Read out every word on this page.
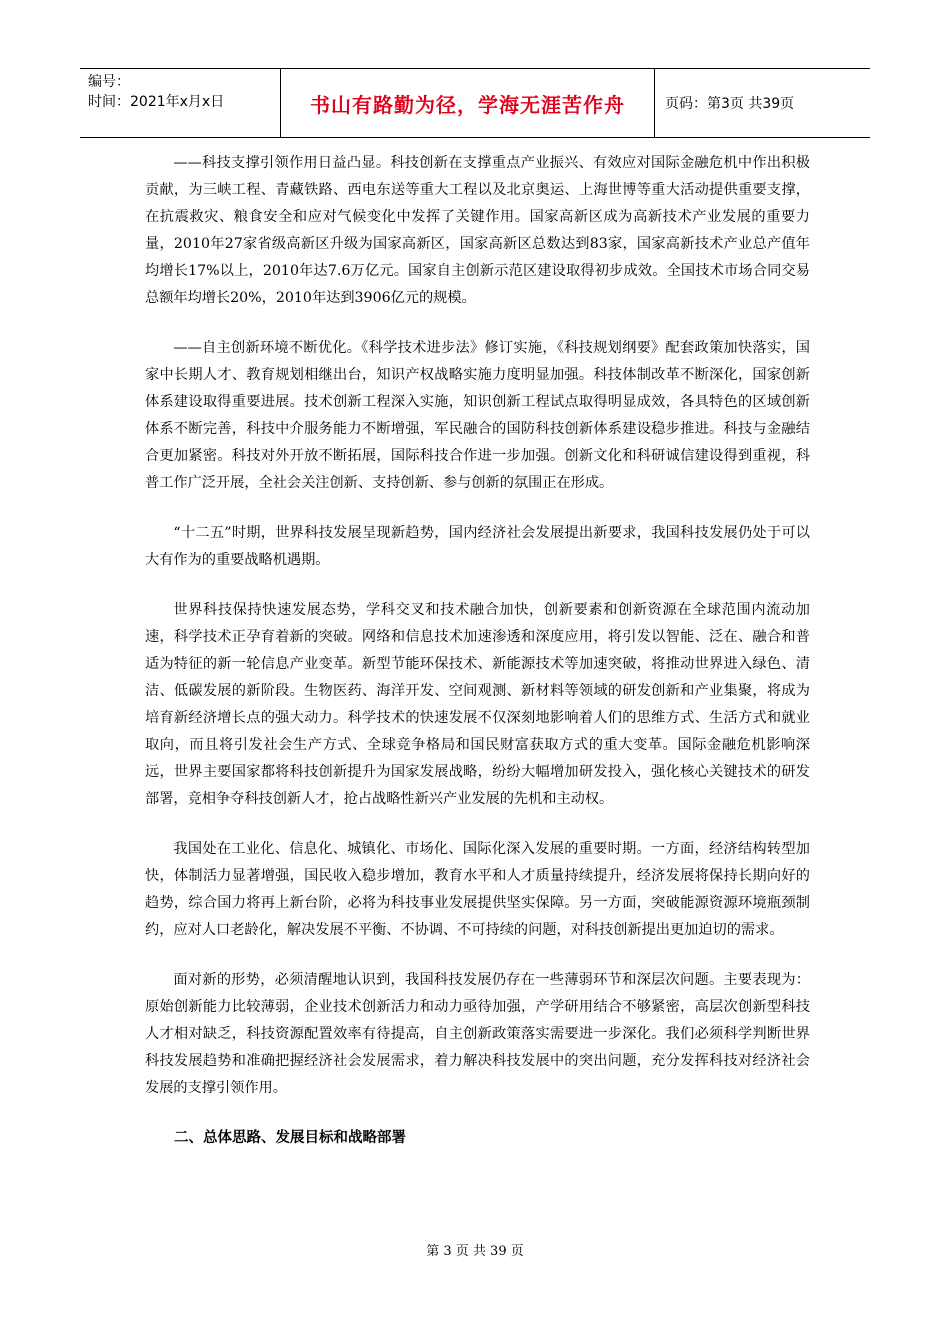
编号：
时间：2021年x月x日	书山有路勤为径，学海无涯苦作舟	页码：第3页 共39页

——科技支撑引领作用日益凸显。科技创新在支撑重点产业振兴、有效应对国际金融危机中作出积极贡献，为三峡工程、青藏铁路、西电东送等重大工程以及北京奥运、上海世博等重大活动提供重要支撑，在抗震救灾、粮食安全和应对气候变化中发挥了关键作用。国家高新区成为高新技术产业发展的重要力量，2010年27家省级高新区升级为国家高新区，国家高新区总数达到83家，国家高新技术产业总产值年均增长17%以上，2010年达7.6万亿元。国家自主创新示范区建设取得初步成效。全国技术市场合同交易总额年均增长20%，2010年达到3906亿元的规模。

——自主创新环境不断优化。《科学技术进步法》修订实施，《科技规划纲要》配套政策加快落实，国家中长期人才、教育规划相继出台，知识产权战略实施力度明显加强。科技体制改革不断深化，国家创新体系建设取得重要进展。技术创新工程深入实施，知识创新工程试点取得明显成效，各具特色的区域创新体系不断完善，科技中介服务能力不断增强，军民融合的国防科技创新体系建设稳步推进。科技与金融结合更加紧密。科技对外开放不断拓展，国际科技合作进一步加强。创新文化和科研诚信建设得到重视，科普工作广泛开展，全社会关注创新、支持创新、参与创新的氛围正在形成。

“十二五”时期，世界科技发展呈现新趋势，国内经济社会发展提出新要求，我国科技发展仍处于可以大有作为的重要战略机遇期。

世界科技保持快速发展态势，学科交叉和技术融合加快，创新要素和创新资源在全球范围内流动加速，科学技术正孕育着新的突破。网络和信息技术加速渗透和深度应用，将引发以智能、泛在、融合和普适为特征的新一轮信息产业变革。新型节能环保技术、新能源技术等加速突破，将推动世界进入绿色、清洁、低碳发展的新阶段。生物医药、海洋开发、空间观测、新材料等领域的研发创新和产业集聚，将成为培育新经济增长点的强大动力。科学技术的快速发展不仅深刻地影响着人们的思维方式、生活方式和就业取向，而且将引发社会生产方式、全球竞争格局和国民财富获取方式的重大变革。国际金融危机影响深远，世界主要国家都将科技创新提升为国家发展战略，纷纷大幅增加研发投入，强化核心关键技术的研发部署，竞相争夺科技创新人才，抢占战略性新兴产业发展的先机和主动权。

我国处在工业化、信息化、城镇化、市场化、国际化深入发展的重要时期。一方面，经济结构转型加快，体制活力显著增强，国民收入稳步增加，教育水平和人才质量持续提升，经济发展将保持长期向好的趋势，综合国力将再上新台阶，必将为科技事业发展提供坚实保障。另一方面，突破能源资源环境瓶颈制约，应对人口老龄化，解决发展不平衡、不协调、不可持续的问题，对科技创新提出更加迫切的需求。

面对新的形势，必须清醒地认识到，我国科技发展仍存在一些薄弱环节和深层次问题。主要表现为：原始创新能力比较薄弱，企业技术创新活力和动力亟待加强，产学研用结合不够紧密，高层次创新型科技人才相对缺乏，科技资源配置效率有待提高，自主创新政策落实需要进一步深化。我们必须科学判断世界科技发展趋势和准确把握经济社会发展需求，着力解决科技发展中的突出问题，充分发挥科技对经济社会发展的支撑引领作用。

二、总体思路、发展目标和战略部署
第 3 页 共 39 页
